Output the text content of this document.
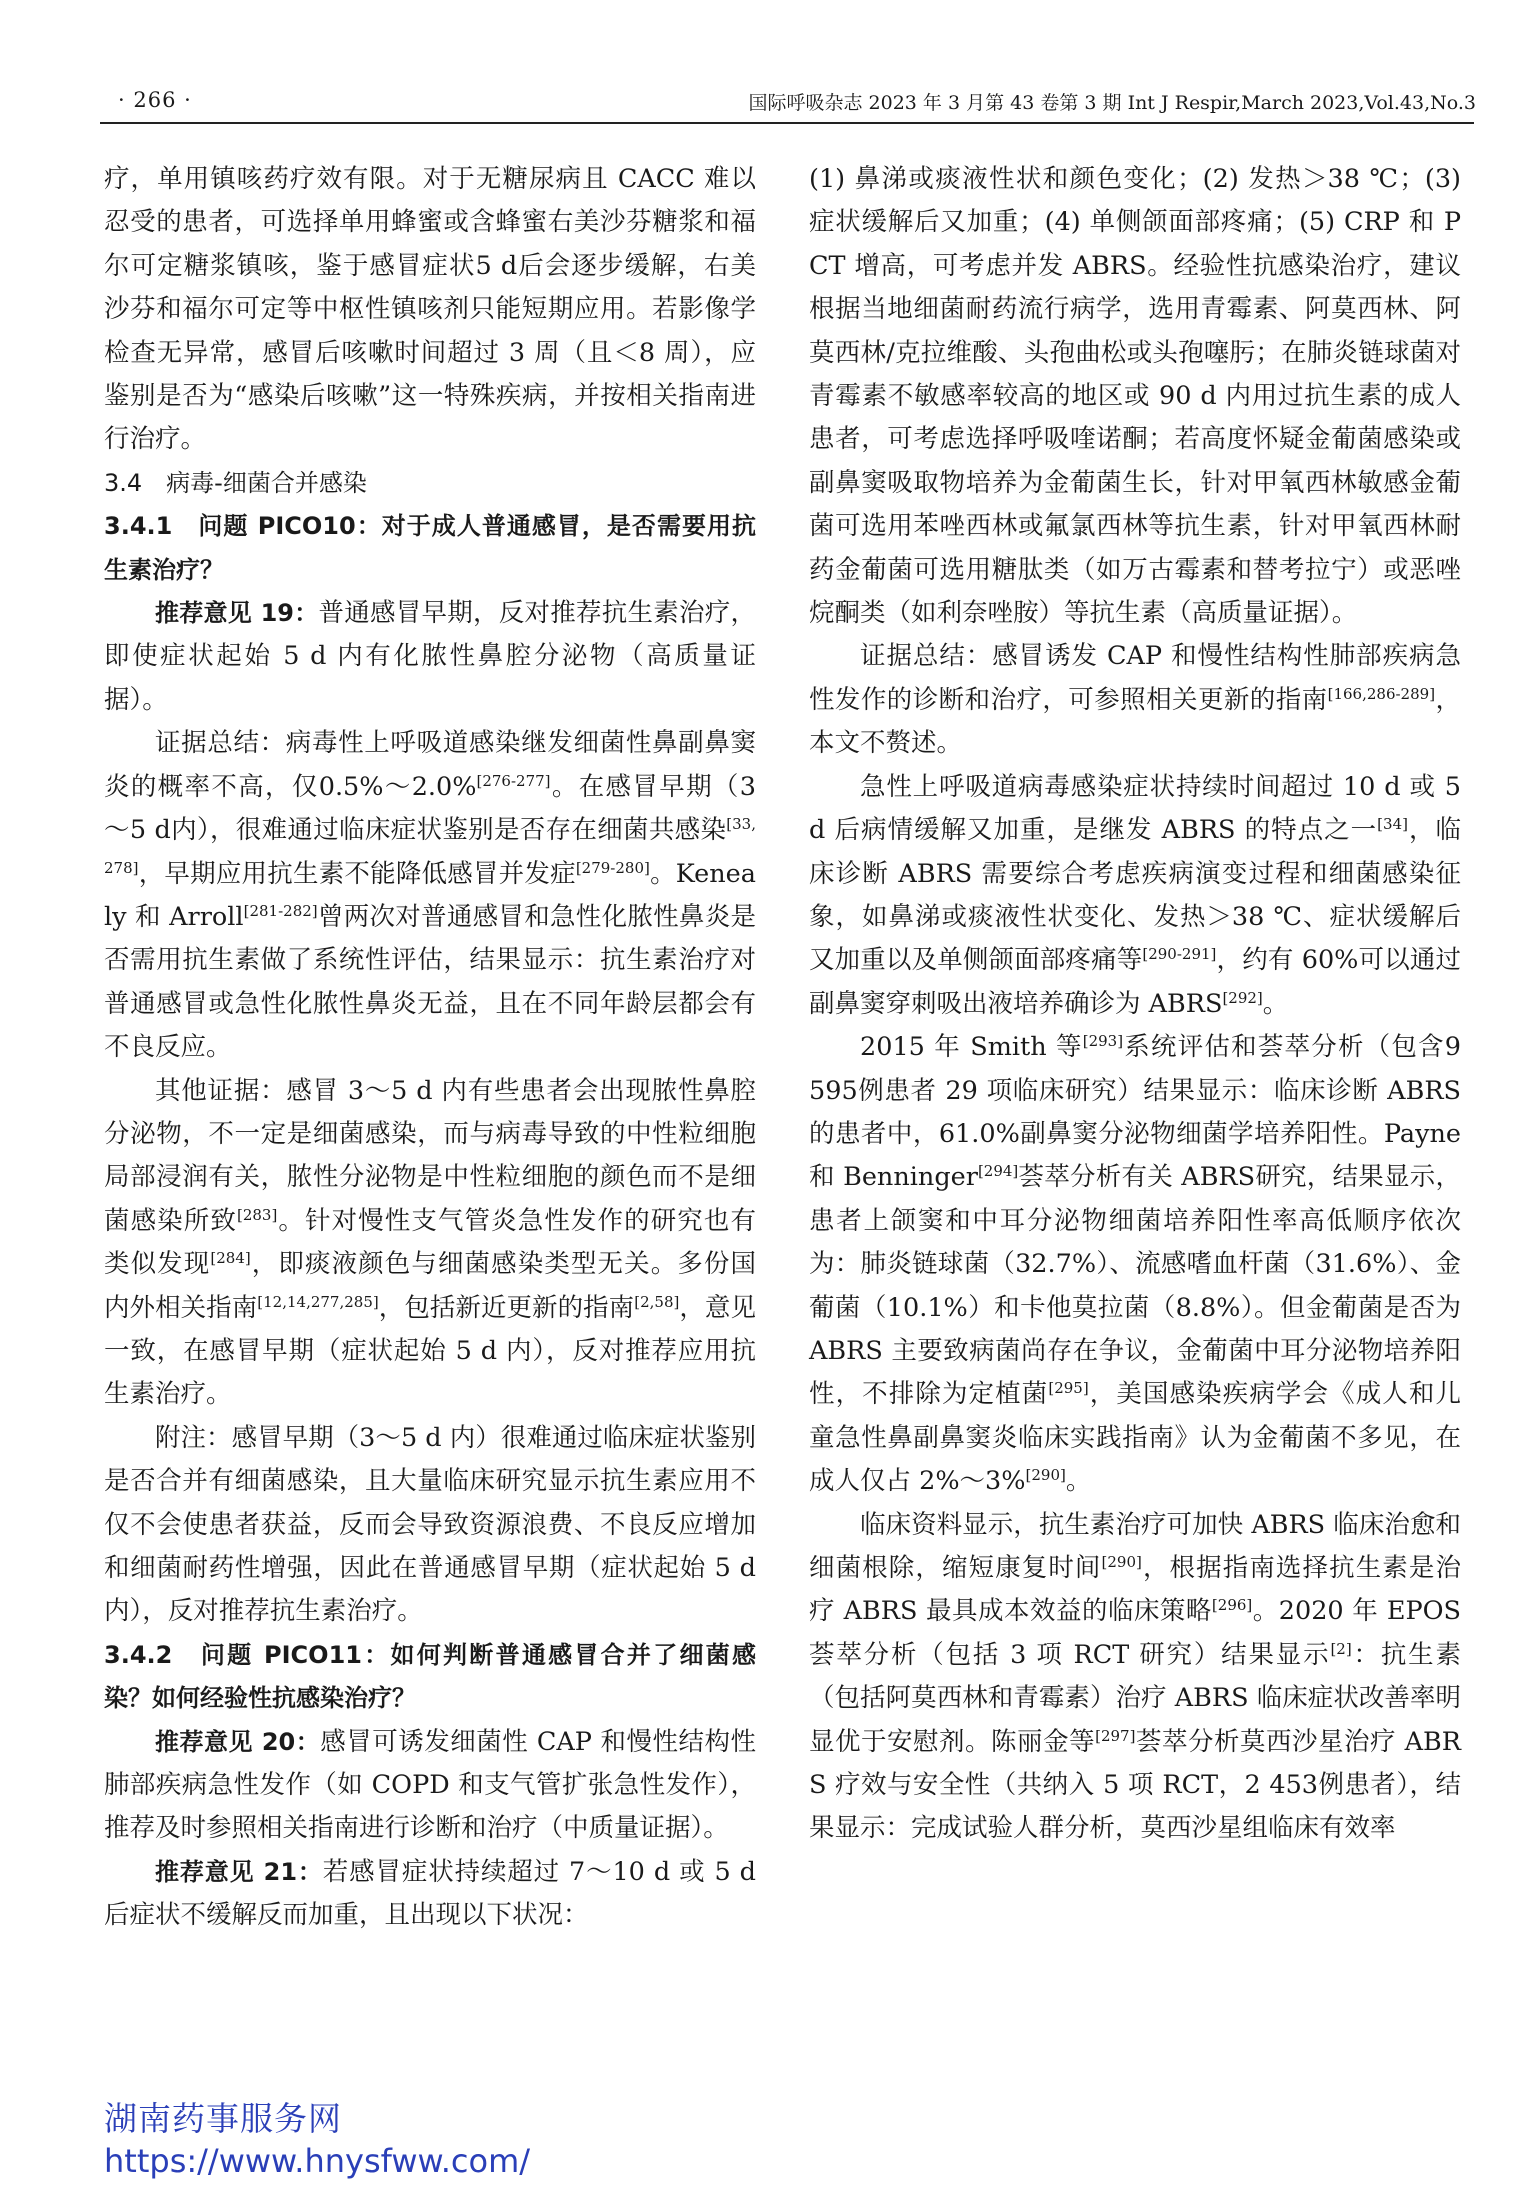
· 266 ·	国际呼吸杂志 2023 年 3 月第 43 卷第 3 期 Int J Respir,March 2023,Vol.43,No.3

疗，单用镇咳药疗效有限。对于无糖尿病且 CACC 难以忍受的患者，可选择单用蜂蜜或含蜂蜜右美沙芬糖浆和福尔可定糖浆镇咳，鉴于感冒症状5 d后会逐步缓解，右美沙芬和福尔可定等中枢性镇咳剂只能短期应用。若影像学检查无异常，感冒后咳嗽时间超过 3 周（且＜8 周），应鉴别是否为“感染后咳嗽”这一特殊疾病，并按相关指南进行治疗。

3.4　病毒-细菌合并感染

3.4.1　问题 PICO10：对于成人普通感冒，是否需要用抗生素治疗？

推荐意见 19：普通感冒早期，反对推荐抗生素治疗，即使症状起始 5 d 内有化脓性鼻腔分泌物（高质量证据）。

证据总结：病毒性上呼吸道感染继发细菌性鼻副鼻窦炎的概率不高，仅0.5%～2.0%[276-277]。在感冒早期（3～5 d内），很难通过临床症状鉴别是否存在细菌共感染[33,278]，早期应用抗生素不能降低感冒并发症[279-280]。Kenealy 和 Arroll[281-282]曾两次对普通感冒和急性化脓性鼻炎是否需用抗生素做了系统性评估，结果显示：抗生素治疗对普通感冒或急性化脓性鼻炎无益，且在不同年龄层都会有不良反应。

其他证据：感冒 3～5 d 内有些患者会出现脓性鼻腔分泌物，不一定是细菌感染，而与病毒导致的中性粒细胞局部浸润有关，脓性分泌物是中性粒细胞的颜色而不是细菌感染所致[283]。针对慢性支气管炎急性发作的研究也有类似发现[284]，即痰液颜色与细菌感染类型无关。多份国内外相关指南[12,14,277,285]，包括新近更新的指南[2,58]，意见一致，在感冒早期（症状起始 5 d 内），反对推荐应用抗生素治疗。

附注：感冒早期（3～5 d 内）很难通过临床症状鉴别是否合并有细菌感染，且大量临床研究显示抗生素应用不仅不会使患者获益，反而会导致资源浪费、不良反应增加和细菌耐药性增强，因此在普通感冒早期（症状起始 5 d 内），反对推荐抗生素治疗。

3.4.2　问题 PICO11：如何判断普通感冒合并了细菌感染？如何经验性抗感染治疗？

推荐意见 20：感冒可诱发细菌性 CAP 和慢性结构性肺部疾病急性发作（如 COPD 和支气管扩张急性发作），推荐及时参照相关指南进行诊断和治疗（中质量证据）。

推荐意见 21：若感冒症状持续超过 7～10 d 或 5 d 后症状不缓解反而加重，且出现以下状况：

(1) 鼻涕或痰液性状和颜色变化；(2) 发热＞38 ℃；(3) 症状缓解后又加重；(4) 单侧颌面部疼痛；(5) CRP 和 PCT 增高，可考虑并发 ABRS。经验性抗感染治疗，建议根据当地细菌耐药流行病学，选用青霉素、阿莫西林、阿莫西林/克拉维酸、头孢曲松或头孢噻肟；在肺炎链球菌对青霉素不敏感率较高的地区或 90 d 内用过抗生素的成人患者，可考虑选择呼吸喹诺酮；若高度怀疑金葡菌感染或副鼻窦吸取物培养为金葡菌生长，针对甲氧西林敏感金葡菌可选用苯唑西林或氟氯西林等抗生素，针对甲氧西林耐药金葡菌可选用糖肽类（如万古霉素和替考拉宁）或恶唑烷酮类（如利奈唑胺）等抗生素（高质量证据）。

证据总结：感冒诱发 CAP 和慢性结构性肺部疾病急性发作的诊断和治疗，可参照相关更新的指南[166,286-289]，本文不赘述。

急性上呼吸道病毒感染症状持续时间超过 10 d 或 5 d 后病情缓解又加重，是继发 ABRS 的特点之一[34]，临床诊断 ABRS 需要综合考虑疾病演变过程和细菌感染征象，如鼻涕或痰液性状变化、发热＞38 ℃、症状缓解后又加重以及单侧颌面部疼痛等[290-291]，约有 60%可以通过副鼻窦穿刺吸出液培养确诊为 ABRS[292]。

2015 年 Smith 等[293]系统评估和荟萃分析（包含9 595例患者 29 项临床研究）结果显示：临床诊断 ABRS 的患者中，61.0%副鼻窦分泌物细菌学培养阳性。Payne 和 Benninger[294]荟萃分析有关 ABRS研究，结果显示，患者上颌窦和中耳分泌物细菌培养阳性率高低顺序依次为：肺炎链球菌（32.7%）、流感嗜血杆菌（31.6%）、金葡菌（10.1%）和卡他莫拉菌（8.8%）。但金葡菌是否为 ABRS 主要致病菌尚存在争议，金葡菌中耳分泌物培养阳性，不排除为定植菌[295]，美国感染疾病学会《成人和儿童急性鼻副鼻窦炎临床实践指南》认为金葡菌不多见，在成人仅占 2%～3%[290]。

临床资料显示，抗生素治疗可加快 ABRS 临床治愈和细菌根除，缩短康复时间[290]，根据指南选择抗生素是治疗 ABRS 最具成本效益的临床策略[296]。2020 年 EPOS 荟萃分析（包括 3 项 RCT 研究）结果显示[2]：抗生素（包括阿莫西林和青霉素）治疗 ABRS 临床症状改善率明显优于安慰剂。陈丽金等[297]荟萃分析莫西沙星治疗 ABRS 疗效与安全性（共纳入 5 项 RCT，2 453例患者），结果显示：完成试验人群分析，莫西沙星组临床有效率

湖南药事服务网
https://www.hnysfww.com/
